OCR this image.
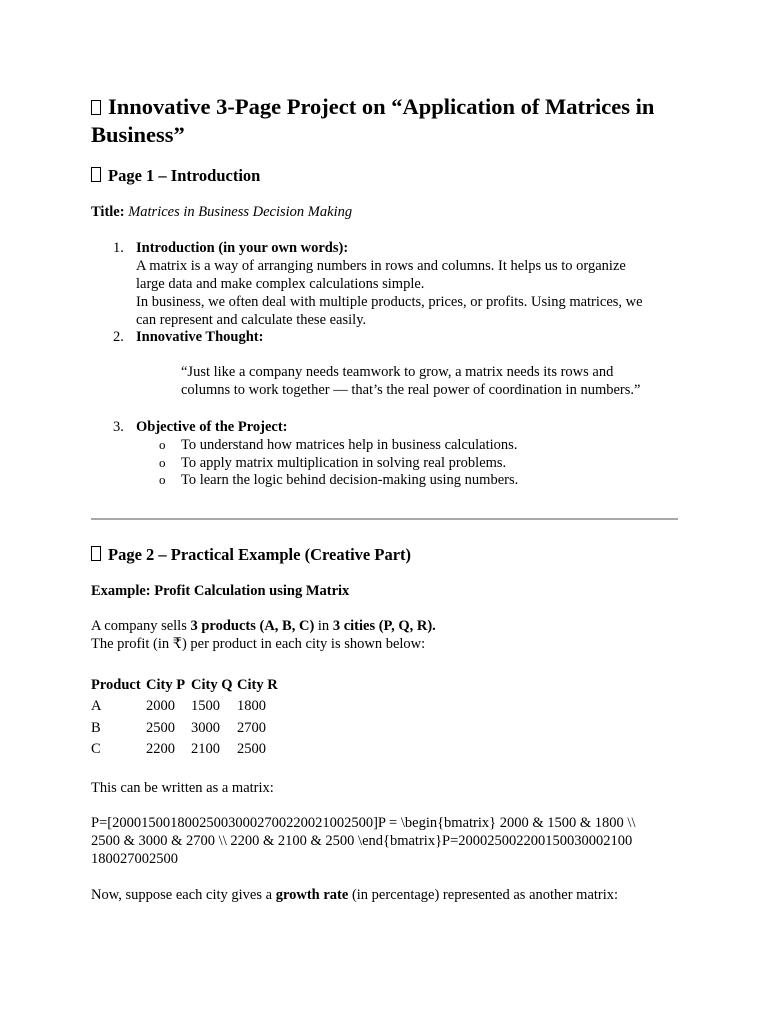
Innovative 3-Page Project on “Application of Matrices in Business”
Page 1 – Introduction
Title: Matrices in Business Decision Making
1. Introduction (in your own words):
A matrix is a way of arranging numbers in rows and columns. It helps us to organize
large data and make complex calculations simple.
In business, we often deal with multiple products, prices, or profits. Using matrices, we
can represent and calculate these easily.
2. Innovative Thought:
“Just like a company needs teamwork to grow, a matrix needs its rows and
columns to work together — that’s the real power of coordination in numbers.”
3. Objective of the Project:
o To understand how matrices help in business calculations.
o To apply matrix multiplication in solving real problems.
o To learn the logic behind decision-making using numbers.
Page 2 – Practical Example (Creative Part)
Example: Profit Calculation using Matrix
A company sells 3 products (A, B, C) in 3 cities (P, Q, R).
The profit (in ₹) per product in each city is shown below:
Product	City P	City Q	City R
A	2000	1500	1800
B	2500	3000	2700
C	2200	2100	2500
This can be written as a matrix:
P=[200015001800250030002700220021002500]P = \begin{bmatrix} 2000 & 1500 & 1800 \\
2500 & 3000 & 2700 \\ 2200 & 2100 & 2500 \end{bmatrix}P=200025002200150030002100
180027002500
Now, suppose each city gives a growth rate (in percentage) represented as another matrix:
